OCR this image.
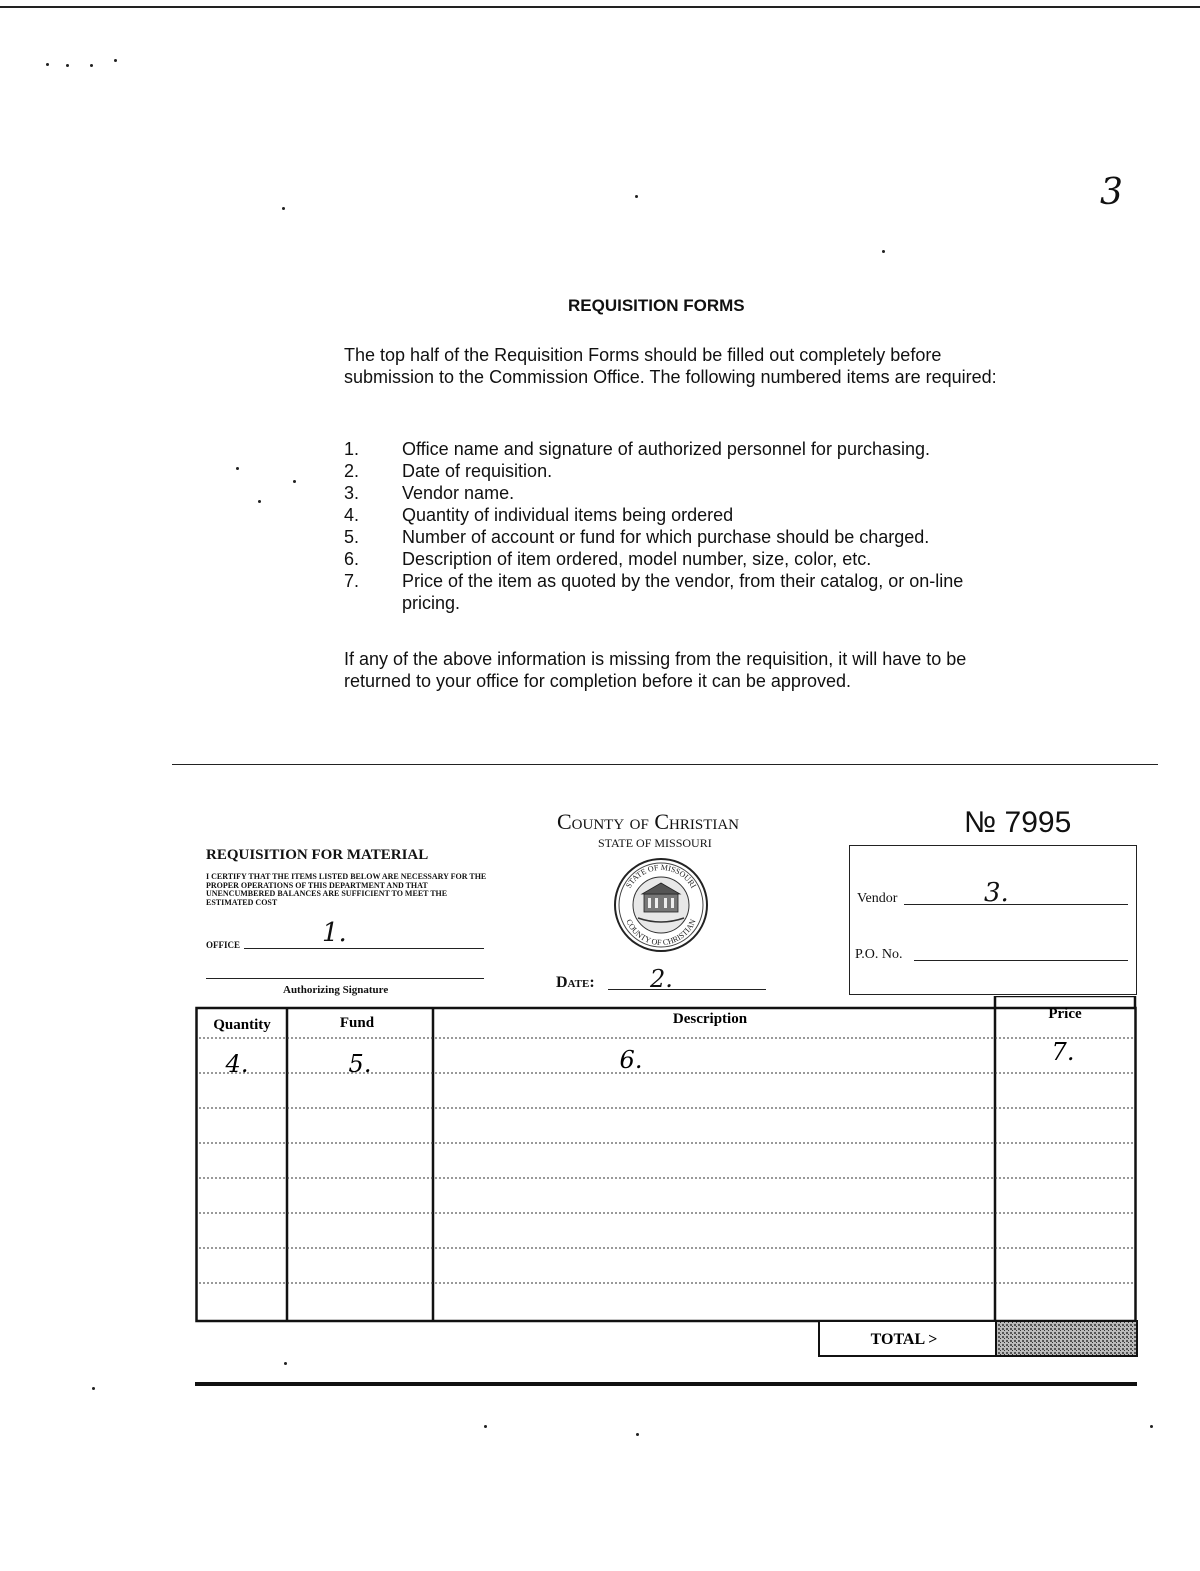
3
REQUISITION FORMS
The top half of the Requisition Forms should be filled out completely before submission to the Commission Office. The following numbered items are required:
1. Office name and signature of authorized personnel for purchasing.
2. Date of requisition.
3. Vendor name.
4. Quantity of individual items being ordered
5. Number of account or fund for which purchase should be charged.
6. Description of item ordered, model number, size, color, etc.
7. Price of the item as quoted by the vendor, from their catalog, or on-line pricing.
If any of the above information is missing from the requisition, it will have to be returned to your office for completion before it can be approved.
County of Christian
STATE OF MISSOURI
№ 7995
REQUISITION FOR MATERIAL
I CERTIFY THAT THE ITEMS LISTED BELOW ARE NECESSARY FOR THE PROPER OPERATIONS OF THIS DEPARTMENT AND THAT UNENCUMBERED BALANCES ARE SUFFICIENT TO MEET THE ESTIMATED COST
OFFICE	1.
Authorizing Signature
STATE OF MISSOURI
COUNTY OF CHRISTIAN
Date: 2.
Vendor	3.
P.O. No.
Quantity	Fund	Description	Price
4.	5.	6.	7.
TOTAL >
